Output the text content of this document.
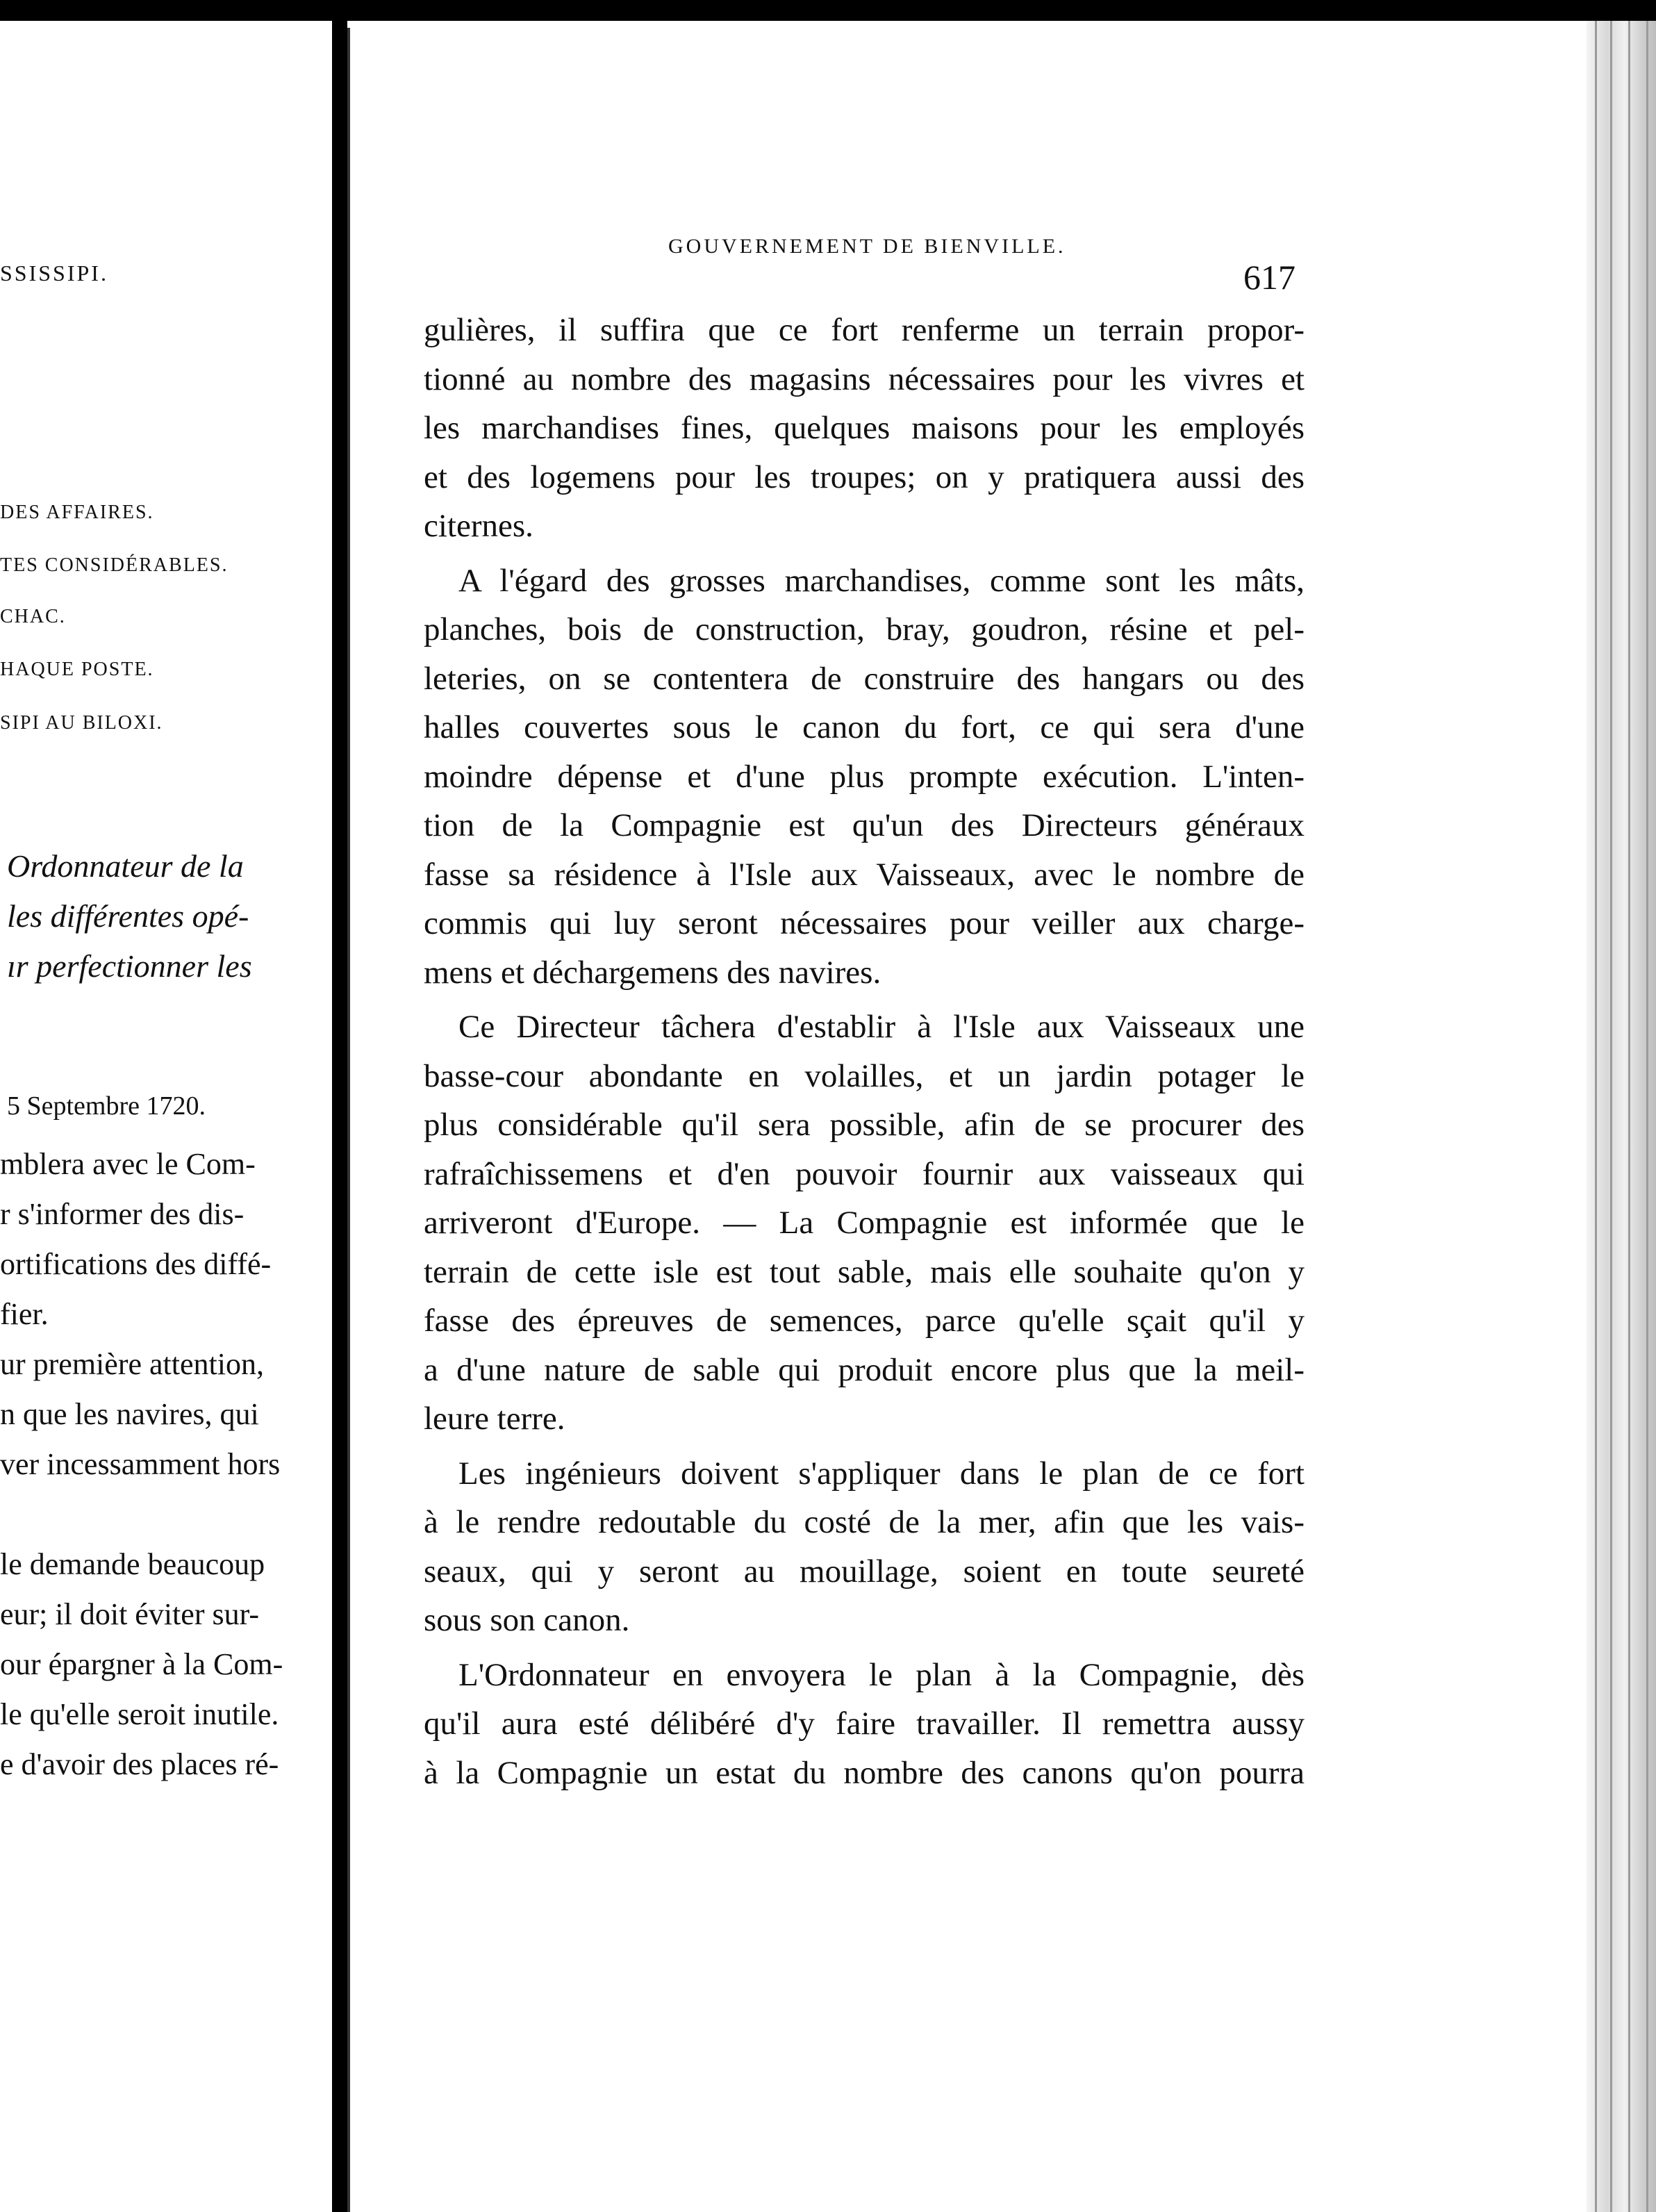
SSISSIPI.
DES AFFAIRES.
TES CONSIDÉRABLES.
CHAC.
HAQUE POSTE.
SIPI AU BILOXI.
Ordonnateur de la
les différentes opé-
ır perfectionner les
5 Septembre 1720.
mblera avec le Com-
r s'informer des dis-
ortifications des diffé-
fier.
ur première attention,
n que les navires, qui
ver incessamment hors
le demande beaucoup
eur; il doit éviter sur-
our épargner à la Com-
le qu'elle seroit inutile.
e d'avoir des places ré-
GOUVERNEMENT DE BIENVILLE.
617
gulières, il suffira que ce fort renferme un terrain propor-
tionné au nombre des magasins nécessaires pour les vivres et
les marchandises fines, quelques maisons pour les employés
et des logemens pour les troupes; on y pratiquera aussi des
citernes.
A l'égard des grosses marchandises, comme sont les mâts,
planches, bois de construction, bray, goudron, résine et pel-
leteries, on se contentera de construire des hangars ou des
halles couvertes sous le canon du fort, ce qui sera d'une
moindre dépense et d'une plus prompte exécution. L'inten-
tion de la Compagnie est qu'un des Directeurs généraux
fasse sa résidence à l'Isle aux Vaisseaux, avec le nombre de
commis qui luy seront nécessaires pour veiller aux charge-
mens et déchargemens des navires.
Ce Directeur tâchera d'establir à l'Isle aux Vaisseaux une
basse-cour abondante en volailles, et un jardin potager le
plus considérable qu'il sera possible, afin de se procurer des
rafraîchissemens et d'en pouvoir fournir aux vaisseaux qui
arriveront d'Europe. — La Compagnie est informée que le
terrain de cette isle est tout sable, mais elle souhaite qu'on y
fasse des épreuves de semences, parce qu'elle sçait qu'il y
a d'une nature de sable qui produit encore plus que la meil-
leure terre.
Les ingénieurs doivent s'appliquer dans le plan de ce fort
à le rendre redoutable du costé de la mer, afin que les vais-
seaux, qui y seront au mouillage, soient en toute seureté
sous son canon.
L'Ordonnateur en envoyera le plan à la Compagnie, dès
qu'il aura esté délibéré d'y faire travailler. Il remettra aussy
à la Compagnie un estat du nombre des canons qu'on pourra
